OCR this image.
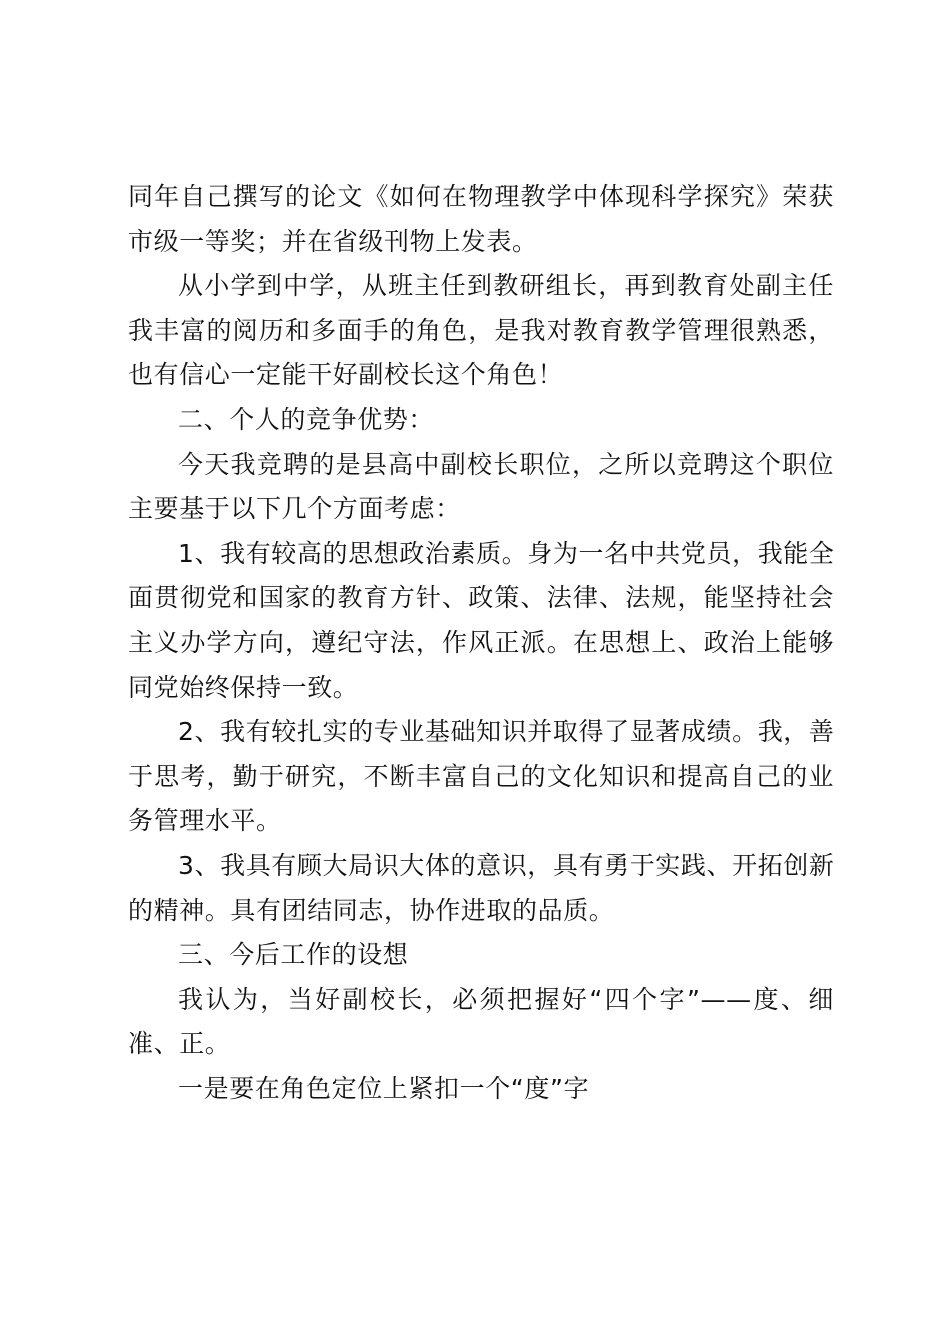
同年自己撰写的论文《如何在物理教学中体现科学探究》荣获
市级一等奖；并在省级刊物上发表。
从小学到中学，从班主任到教研组长，再到教育处副主任
我丰富的阅历和多面手的角色，是我对教育教学管理很熟悉，
也有信心一定能干好副校长这个角色！
二、个人的竞争优势：
今天我竞聘的是县高中副校长职位，之所以竞聘这个职位
主要基于以下几个方面考虑：
1、我有较高的思想政治素质。身为一名中共党员，我能全
面贯彻党和国家的教育方针、政策、法律、法规，能坚持社会
主义办学方向，遵纪守法，作风正派。在思想上、政治上能够
同党始终保持一致。
2、我有较扎实的专业基础知识并取得了显著成绩。我，善
于思考，勤于研究，不断丰富自己的文化知识和提高自己的业
务管理水平。
3、我具有顾大局识大体的意识，具有勇于实践、开拓创新
的精神。具有团结同志，协作进取的品质。
三、今后工作的设想
我认为，当好副校长，必须把握好“四个字”——度、细
准、正。
一是要在角色定位上紧扣一个“度”字
